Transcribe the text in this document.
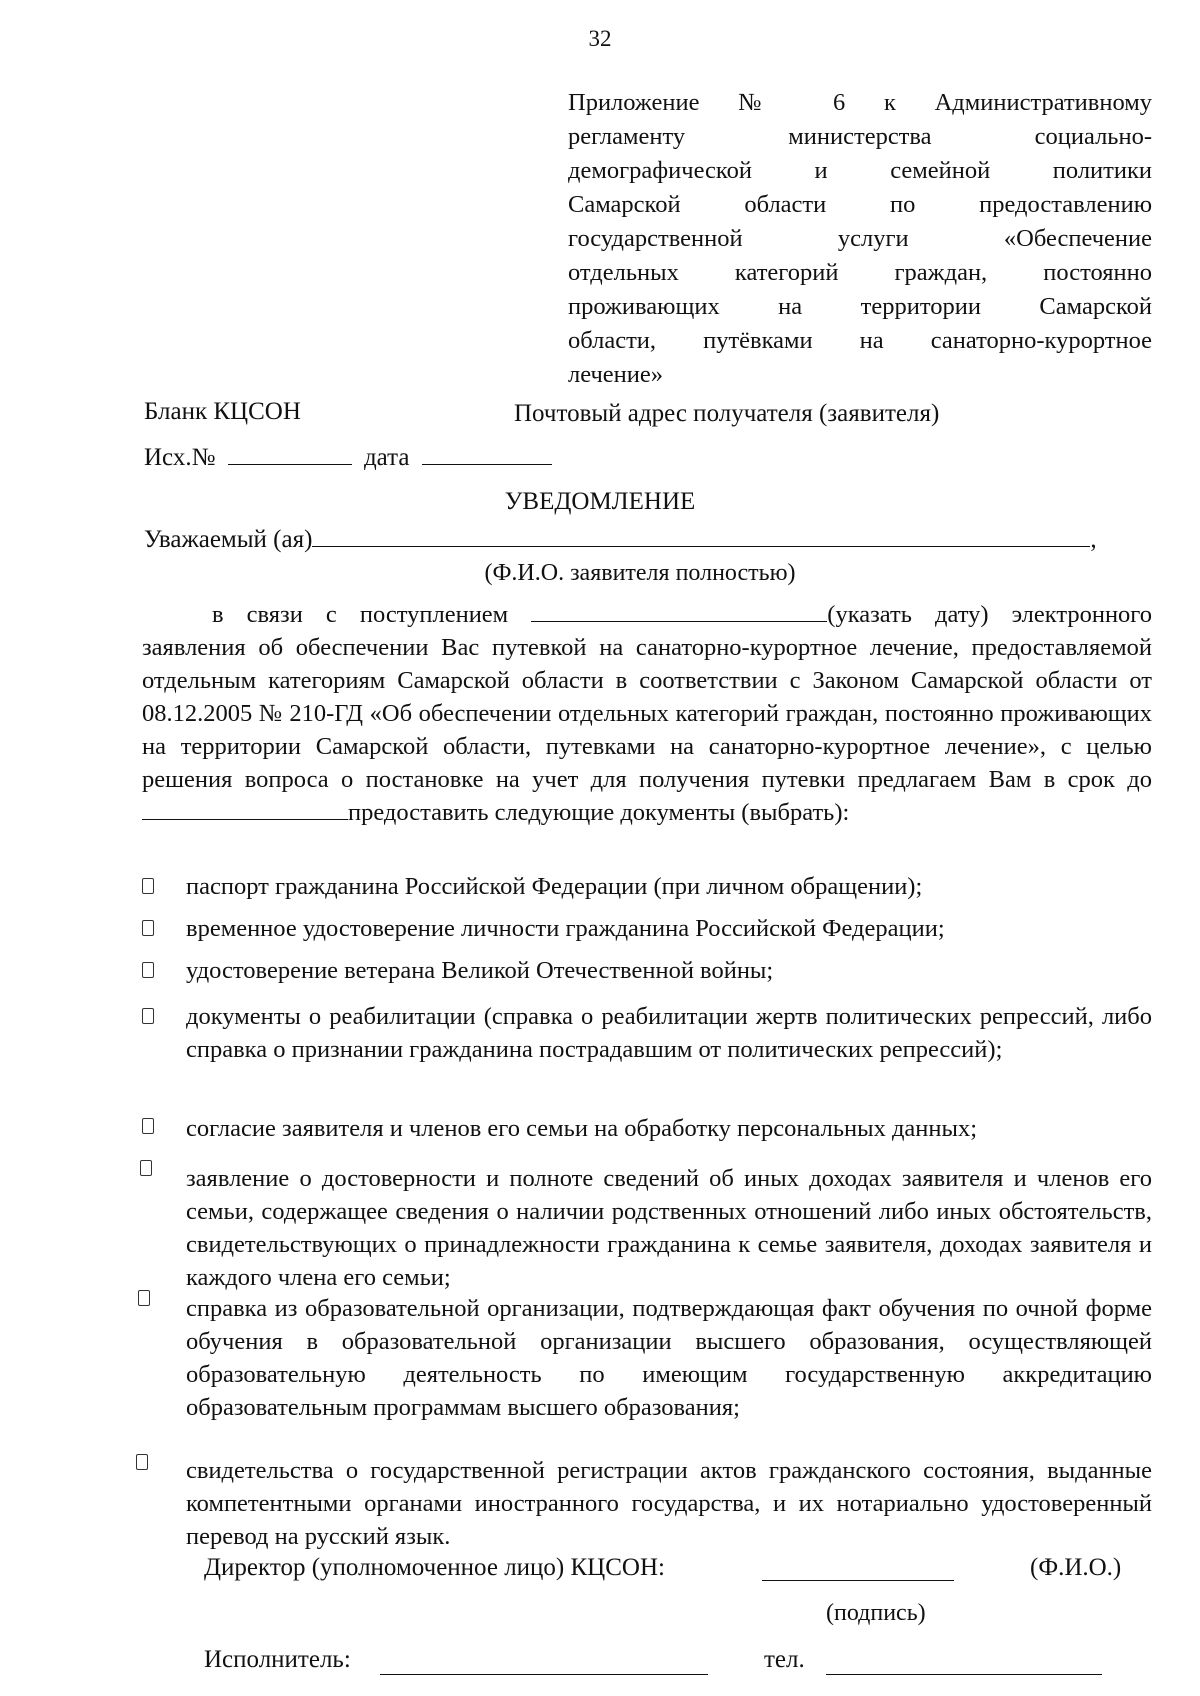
32
Приложение № 6 к Административному
регламенту министерства социально-
демографической и семейной политики
Самарской области по предоставлению
государственной услуги «Обеспечение
отдельных категорий граждан, постоянно
проживающих на территории Самарской
области, путёвками на санаторно-курортное
лечение»
Бланк КЦСОН	Почтовый адрес получателя (заявителя)
Исх.№	дата
УВЕДОМЛЕНИЕ
Уважаемый (ая)	,
(Ф.И.О. заявителя полностью)
в связи с поступлением	(указать дату) электронного заявления об обеспечении Вас путевкой на санаторно-курортное лечение, предоставляемой отдельным категориям Самарской области в соответствии с Законом Самарской области от 08.12.2005 № 210-ГД «Об обеспечении отдельных категорий граждан, постоянно проживающих на территории Самарской области, путевками на санаторно-курортное лечение», с целью решения вопроса о постановке на учет для получения путевки предлагаем Вам в срок до предоставить следующие документы (выбрать):
паспорт гражданина Российской Федерации (при личном обращении);
временное удостоверение личности гражданина Российской Федерации;
удостоверение ветерана Великой Отечественной войны;
документы о реабилитации (справка о реабилитации жертв политических репрессий, либо справка о признании гражданина пострадавшим от политических репрессий);
согласие заявителя и членов его семьи на обработку персональных данных;
заявление о достоверности и полноте сведений об иных доходах заявителя и членов его семьи, содержащее сведения о наличии родственных отношений либо иных обстоятельств, свидетельствующих о принадлежности гражданина к семье заявителя, доходах заявителя и каждого члена его семьи;
справка из образовательной организации, подтверждающая факт обучения по очной форме обучения в образовательной организации высшего образования, осуществляющей образовательную деятельность по имеющим государственную аккредитацию образовательным программам высшего образования;
свидетельства о государственной регистрации актов гражданского состояния, выданные компетентными органами иностранного государства, и их нотариально удостоверенный перевод на русский язык.
Директор (уполномоченное лицо) КЦСОН:	(Ф.И.О.)
(подпись)
Исполнитель:	тел.
